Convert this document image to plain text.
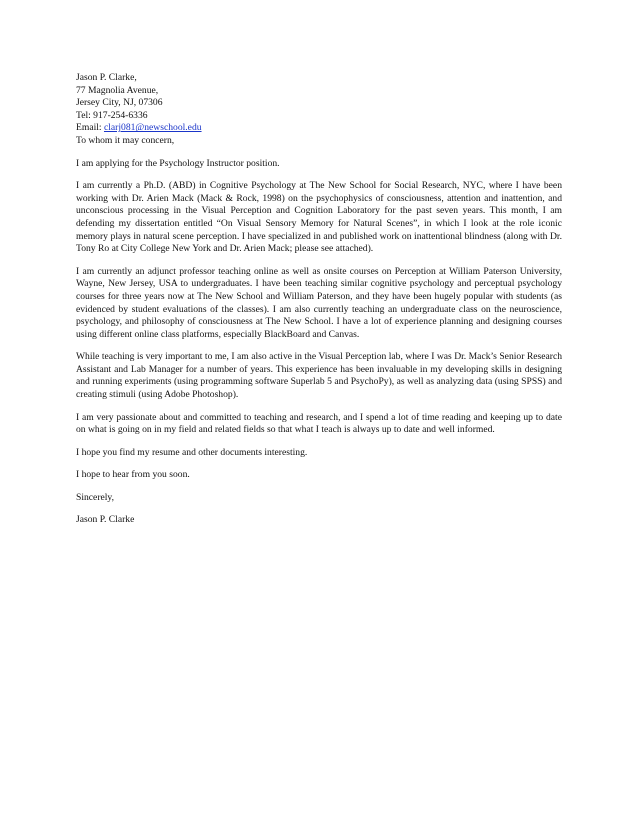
Jason P. Clarke,
77 Magnolia Avenue,
Jersey City, NJ, 07306
Tel: 917-254-6336
Email: clarj081@newschool.edu

To whom it may concern,

I am applying for the Psychology Instructor position.

I am currently a Ph.D. (ABD) in Cognitive Psychology at The New School for Social Research, NYC, where I have been working with Dr. Arien Mack (Mack & Rock, 1998) on the psychophysics of consciousness, attention and inattention, and unconscious processing in the Visual Perception and Cognition Laboratory for the past seven years. This month, I am defending my dissertation entitled “On Visual Sensory Memory for Natural Scenes”, in which I look at the role iconic memory plays in natural scene perception. I have specialized in and published work on inattentional blindness (along with Dr. Tony Ro at City College New York and Dr. Arien Mack; please see attached).

I am currently an adjunct professor teaching online as well as onsite courses on Perception at William Paterson University, Wayne, New Jersey, USA to undergraduates. I have been teaching similar cognitive psychology and perceptual psychology courses for three years now at The New School and William Paterson, and they have been hugely popular with students (as evidenced by student evaluations of the classes). I am also currently teaching an undergraduate class on the neuroscience, psychology, and philosophy of consciousness at The New School. I have a lot of experience planning and designing courses using different online class platforms, especially BlackBoard and Canvas.

While teaching is very important to me, I am also active in the Visual Perception lab, where I was Dr. Mack’s Senior Research Assistant and Lab Manager for a number of years. This experience has been invaluable in my developing skills in designing and running experiments (using programming software Superlab 5 and PsychoPy), as well as analyzing data (using SPSS) and creating stimuli (using Adobe Photoshop).

I am very passionate about and committed to teaching and research, and I spend a lot of time reading and keeping up to date on what is going on in my field and related fields so that what I teach is always up to date and well informed.

I hope you find my resume and other documents interesting.

I hope to hear from you soon.

Sincerely,

Jason P. Clarke
